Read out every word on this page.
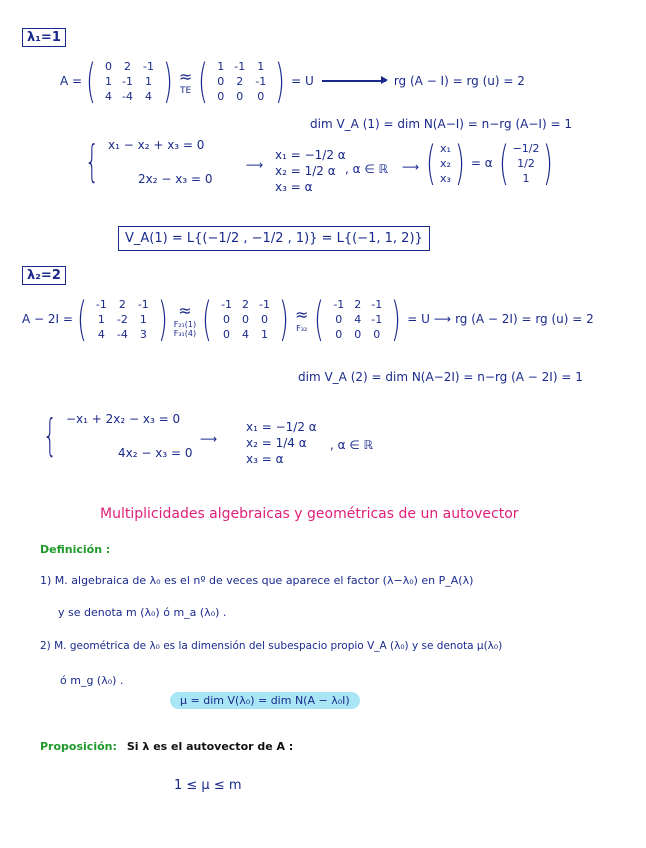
λ₁=1
A = ( 0	2	-1
1	-1	1
4	-4	4 ) ≈
TE ( 1	-1	1
0	2	-1
0	0	0 ) = U	rg (A − I) = rg (u) = 2
dim V_A (1) = dim N(A−I) = n−rg (A−I) = 1
{ x₁ − x₂ + x₃ = 0
2x₂ − x₃ = 0
⟶
x₁ = −1/2 α
x₂ = 1/2 α
x₃ = α
, α ∈ ℝ ⟶ ( x₁
x₂
x₃ ) = α ( −1/2
1/2
1 )
V_A(1) = L{(−1/2 , −1/2 , 1)} = L{(−1, 1, 2)}
λ₂=2
A − 2I = ( -1	2	-1
1	-2	1
4	-4	3 ) ≈
F₂₁(1)
F₃₁(4) ( -1	2	-1
0	0	0
0	4	1 ) ≈
F₃₂ ( -1	2	-1
0	4	-1
0	0	0 ) = U ⟶ rg (A − 2I) = rg (u) = 2
dim V_A (2) = dim N(A−2I) = n−rg (A − 2I) = 1
{ −x₁ + 2x₂ − x₃ = 0
4x₂ − x₃ = 0
⟶
x₁ = −1/2 α
x₂ = 1/4 α
x₃ = α
, α ∈ ℝ
Multiplicidades algebraicas y geométricas de un autovector
Definición :
1) M. algebraica de λ₀ es el nº de veces que aparece el factor (λ−λ₀) en P_A(λ)
y se denota m (λ₀) ó m_a (λ₀) .
2) M. geométrica de λ₀ es la dimensión del subespacio propio V_A (λ₀) y se denota μ(λ₀)
ó m_g (λ₀) .
μ = dim V(λ₀) = dim N(A − λ₀I)
Proposición: Si λ es el autovector de A :
1 ≤ μ ≤ m
